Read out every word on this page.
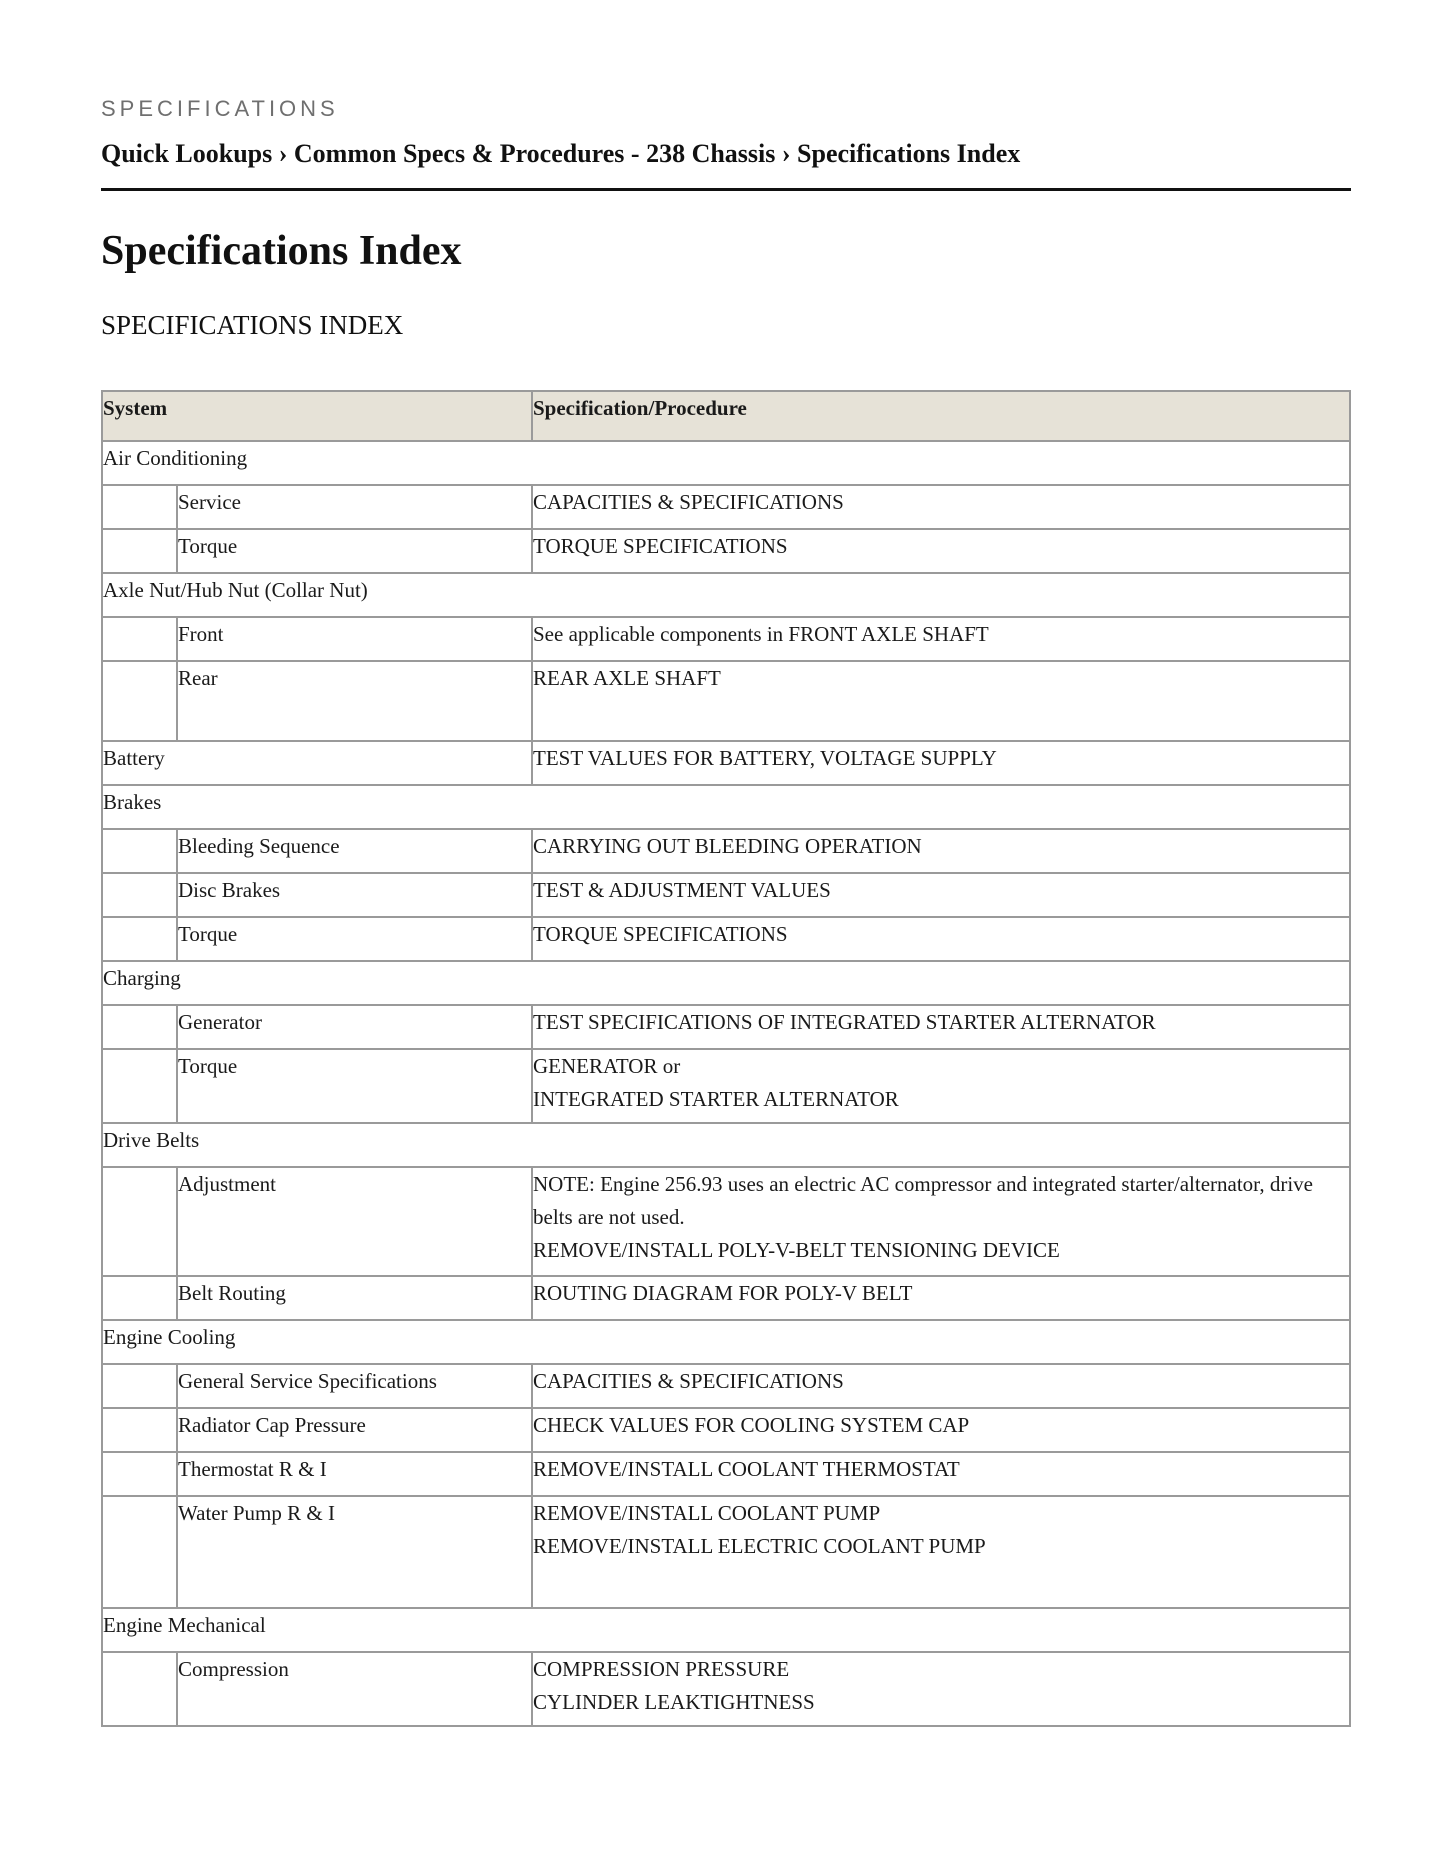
SPECIFICATIONS
Quick Lookups › Common Specs & Procedures - 238 Chassis › Specifications Index
Specifications Index
SPECIFICATIONS INDEX
System		Specification/Procedure
Air Conditioning		
	Service	CAPACITIES & SPECIFICATIONS
	Torque	TORQUE SPECIFICATIONS
Axle Nut/Hub Nut (Collar Nut)		
	Front	See applicable components in FRONT AXLE SHAFT
	Rear	REAR AXLE SHAFT
Battery		TEST VALUES FOR BATTERY, VOLTAGE SUPPLY
Brakes		
	Bleeding Sequence	CARRYING OUT BLEEDING OPERATION
	Disc Brakes	TEST & ADJUSTMENT VALUES
	Torque	TORQUE SPECIFICATIONS
Charging		
	Generator	TEST SPECIFICATIONS OF INTEGRATED STARTER ALTERNATOR
	Torque	GENERATOR or
INTEGRATED STARTER ALTERNATOR

Drive Belts		
	Adjustment	NOTE: Engine 256.93 uses an electric AC compressor and integrated starter/alternator, drive belts are not used.
REMOVE/INSTALL POLY-V-BELT TENSIONING DEVICE

	Belt Routing	ROUTING DIAGRAM FOR POLY-V BELT
Engine Cooling		
	General Service Specifications	CAPACITIES & SPECIFICATIONS
	Radiator Cap Pressure	CHECK VALUES FOR COOLING SYSTEM CAP
	Thermostat R & I	REMOVE/INSTALL COOLANT THERMOSTAT
	Water Pump R & I	REMOVE/INSTALL COOLANT PUMP
REMOVE/INSTALL ELECTRIC COOLANT PUMP

Engine Mechanical		
	Compression	COMPRESSION PRESSURE
CYLINDER LEAKTIGHTNESS
